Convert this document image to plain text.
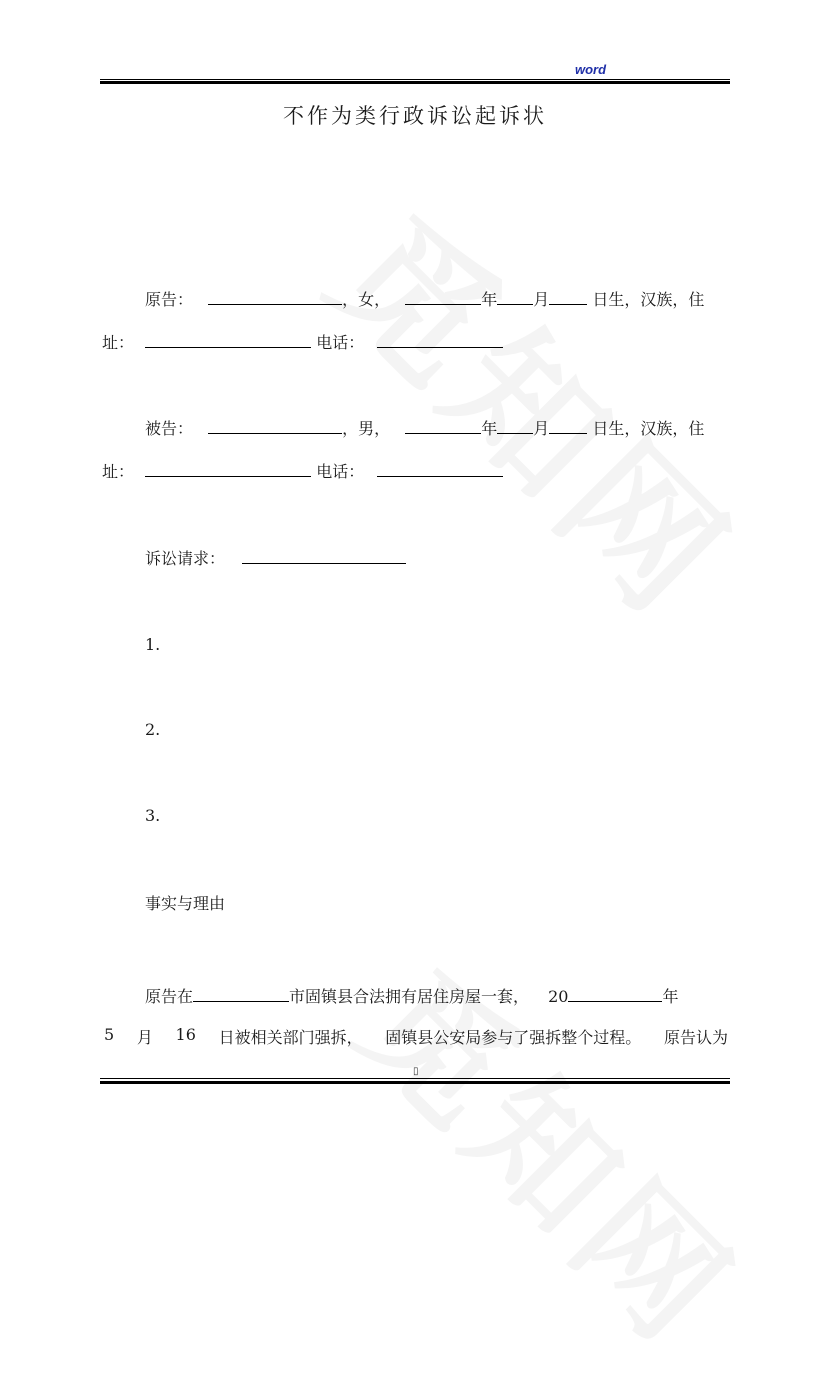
word
不作为类行政诉讼起诉状
原告：	，女，	年 月	日生，汉族，住
址：	电话：
被告：	，男，	年 月	日生，汉族，住
址：	电话：
诉讼请求：
1.
2.
3.
事实与理由
原告在	市固镇县合法拥有居住房屋一套， 20	年
5 月 16 日被相关部门强拆， 固镇县公安局参与了强拆整个过程。 原告认为
▯
